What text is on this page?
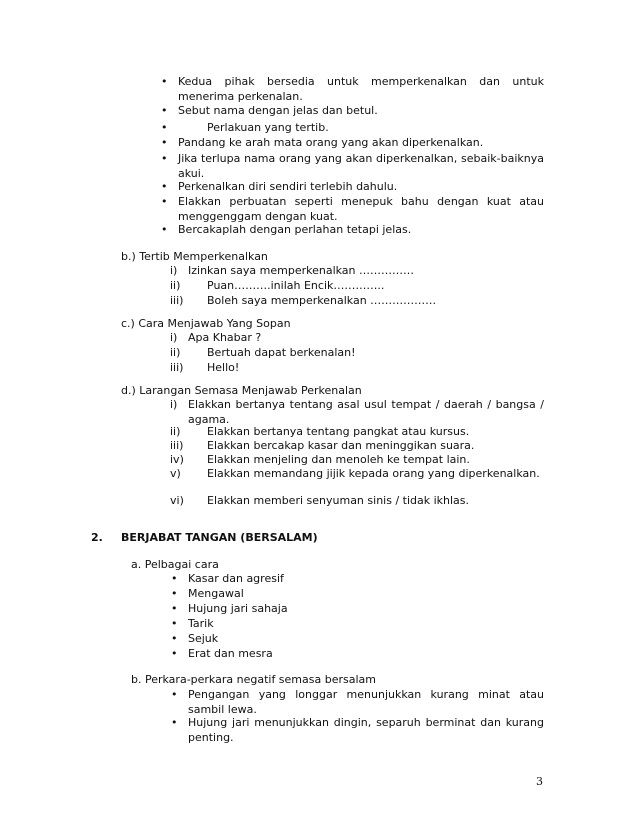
• Kedua pihak bersedia untuk memperkenalkan dan untuk menerima perkenalan.
• Sebut nama dengan jelas dan betul.
•	Perlakuan yang tertib.
• Pandang ke arah mata orang yang akan diperkenalkan.
• Jika terlupa nama orang yang akan diperkenalkan, sebaik-baiknya akui.
• Perkenalkan diri sendiri terlebih dahulu.
• Elakkan perbuatan seperti menepuk bahu dengan kuat atau menggenggam dengan kuat.
• Bercakaplah dengan perlahan tetapi jelas.
b.) Tertib Memperkenalkan
i) Izinkan saya memperkenalkan ……………
ii) Puan……….inilah Encik…………..
iii) Boleh saya memperkenalkan ………………
c.) Cara Menjawab Yang Sopan
i) Apa Khabar ?
ii) Bertuah dapat berkenalan!
iii) Hello!
d.) Larangan Semasa Menjawab Perkenalan
i) Elakkan bertanya tentang asal usul tempat / daerah / bangsa / agama.
ii) Elakkan bertanya tentang pangkat atau kursus.
iii) Elakkan bercakap kasar dan meninggikan suara.
iv) Elakkan menjeling dan menoleh ke tempat lain.
v) Elakkan memandang jijik kepada orang yang diperkenalkan.
vi) Elakkan memberi senyuman sinis / tidak ikhlas.
2. BERJABAT TANGAN (BERSALAM)
a. Pelbagai cara
• Kasar dan agresif
• Mengawal
• Hujung jari sahaja
• Tarik
• Sejuk
• Erat dan mesra
b. Perkara-perkara negatif semasa bersalam
• Pengangan yang longgar menunjukkan kurang minat atau sambil lewa.
• Hujung jari menunjukkan dingin, separuh berminat dan kurang penting.
3
